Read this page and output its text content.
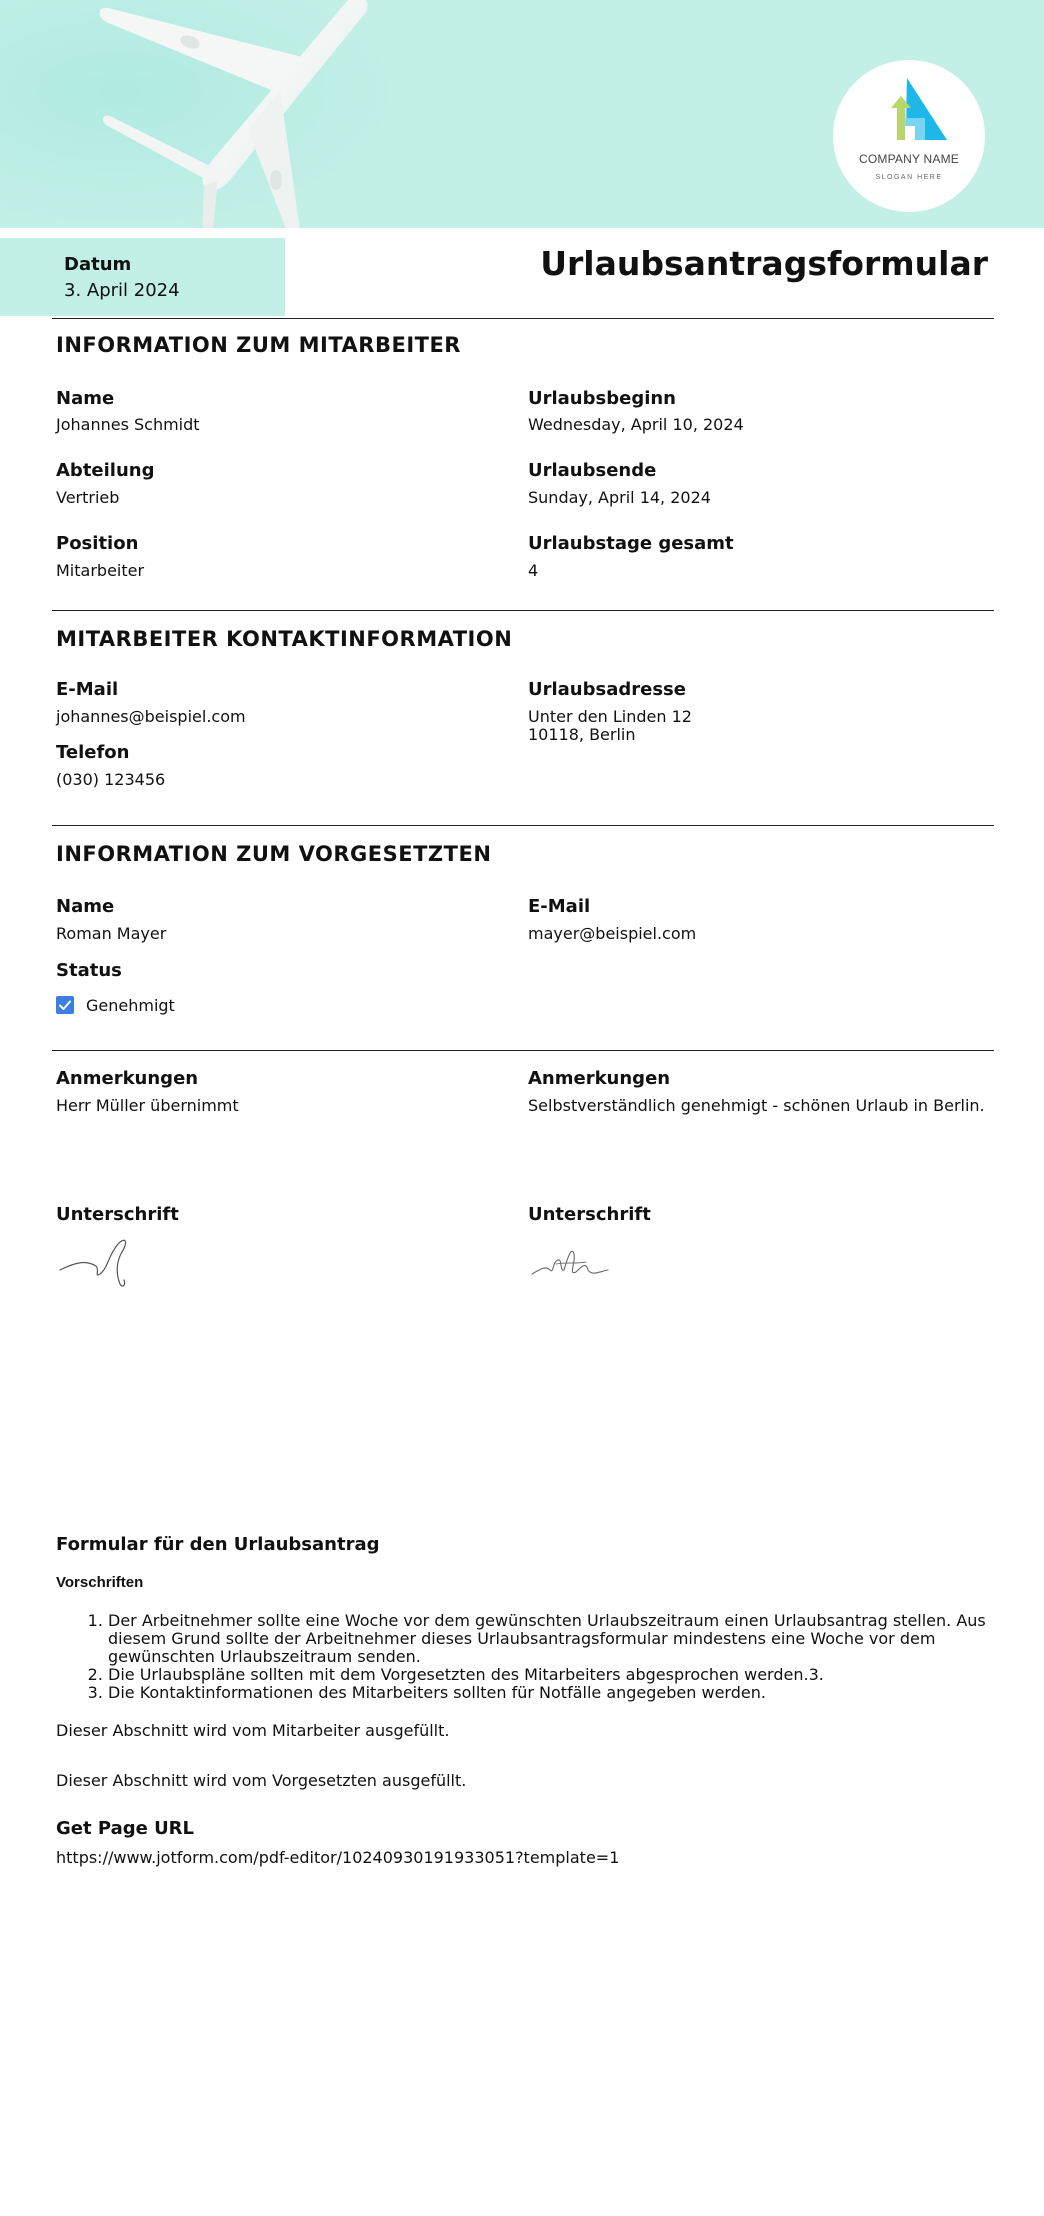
COMPANY NAME
SLOGAN HERE
Datum
3. April 2024
Urlaubsantragsformular
INFORMATION ZUM MITARBEITER
Name
Johannes Schmidt
Urlaubsbeginn
Wednesday, April 10, 2024
Abteilung
Vertrieb
Urlaubsende
Sunday, April 14, 2024
Position
Mitarbeiter
Urlaubstage gesamt
4
MITARBEITER KONTAKTINFORMATION
E-Mail
johannes@beispiel.com
Urlaubsadresse
Unter den Linden 12
10118, Berlin
Telefon
(030) 123456
INFORMATION ZUM VORGESETZTEN
Name
Roman Mayer
E-Mail
mayer@beispiel.com
Status
Genehmigt
Anmerkungen
Herr Müller übernimmt
Anmerkungen
Selbstverständlich genehmigt - schönen Urlaub in Berlin.
Unterschrift	Unterschrift
Formular für den Urlaubsantrag
Vorschriften
1. Der Arbeitnehmer sollte eine Woche vor dem gewünschten Urlaubszeitraum einen Urlaubsantrag stellen. Aus diesem Grund sollte der Arbeitnehmer dieses Urlaubsantragsformular mindestens eine Woche vor dem gewünschten Urlaubszeitraum senden.
2. Die Urlaubspläne sollten mit dem Vorgesetzten des Mitarbeiters abgesprochen werden.3.
3. Die Kontaktinformationen des Mitarbeiters sollten für Notfälle angegeben werden.
Dieser Abschnitt wird vom Mitarbeiter ausgefüllt.
Dieser Abschnitt wird vom Vorgesetzten ausgefüllt.
Get Page URL
https://www.jotform.com/pdf-editor/10240930191933051?template=1
